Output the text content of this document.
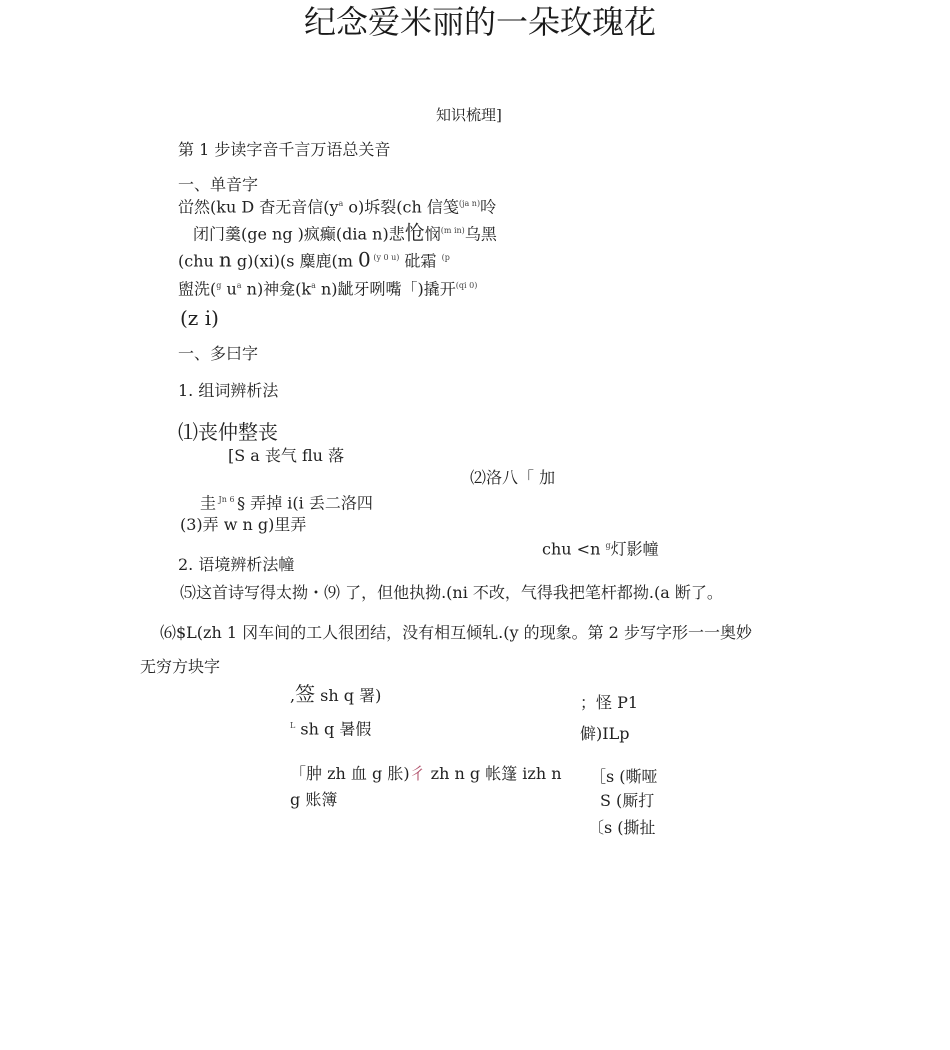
纪念爱米丽的一朵玫瑰花
知识梳理]
第 1 步读字音千言万语总关音
一、单音字
峃然(ku D 杳无音信($y^a$ o)坼裂(ch 信笺$^{(ja n)}$呤
闭门羹(ge ng )疯癫(dia n)悲怆悯$^{(m in)}$乌黑
(chu n g)(xi)(s 麋鹿(m 0 $^{(y 0 u)}$ 砒霜 $^{(p}$
盥洗($^g$ $u^a$ n)神龛($k^a$ n)龇牙咧嘴「)撬开$^{(qi 0)}$
(z i)
一、多曰字
1. 组词辨析法
⑴丧仲整丧
[S a 丧气 flu 落
⑵洛八「 加
圭 $^{Jn 6}$ § 弄掉 i(i 丢二洛四
(3)弄 w n g)里弄
chu <n $^g$灯影幢
2. 语境辨析法幢
⑸这首诗写得太拗・⑼ 了，但他执拗.(ni 不改，气得我把笔杆都拗.(a 断了。
⑹$L(zh 1 冈车间的工人很团结，没有相互倾轧.(y 的现象。第 2 步写字形一一奥妙
无穷方块字
,签 sh q 署)
$^L$ sh q 暑假
；怪 P1
僻)ILp
「肿 zh 血 g 胀)彳 zh n g 帐篷 izh n
g 账簿
［s (嘶哑
S (厮打
〔s (撕扯
